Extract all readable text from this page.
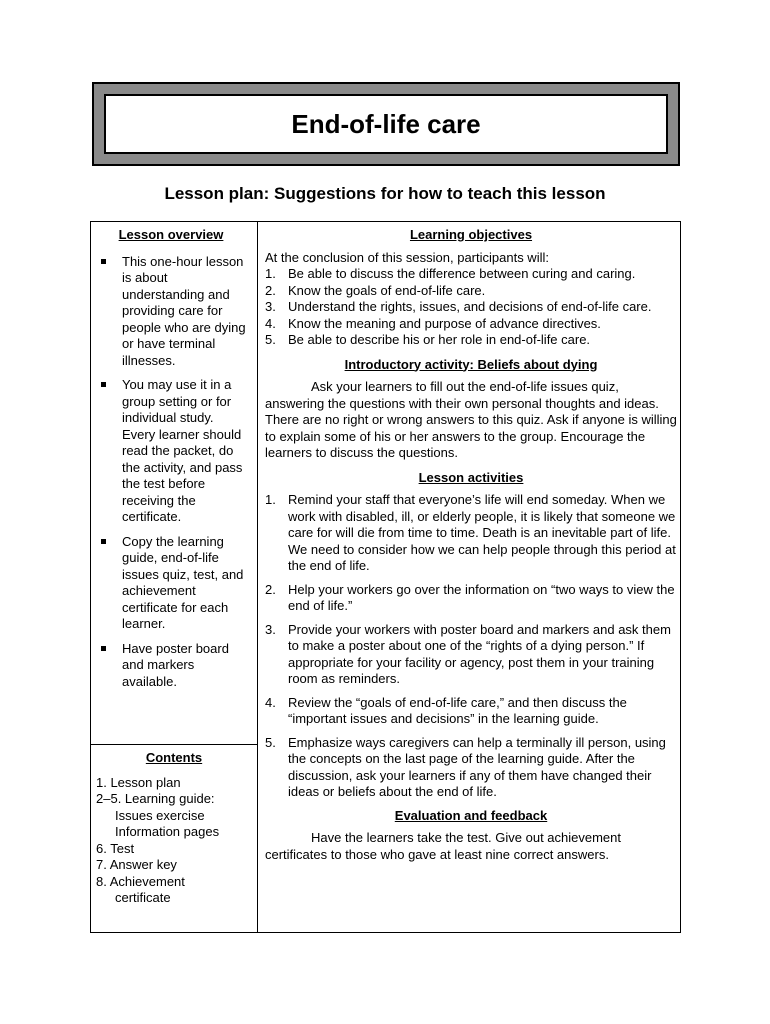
End-of-life care
Lesson plan: Suggestions for how to teach this lesson

Lesson overview

This one-hour lesson is about understanding and providing care for people who are dying or have terminal illnesses.
You may use it in a group setting or for individual study. Every learner should read the packet, do the activity, and pass the test before receiving the certificate.
Copy the learning guide, end-of-life issues quiz, test, and achievement certificate for each learner.
Have poster board and markers available.

Contents

1. Lesson plan
2–5. Learning guide:
Issues exercise
Information pages
6. Test
7. Answer key
8. Achievement
certificate

Learning objectives

At the conclusion of this session, participants will:

1. Be able to discuss the difference between curing and caring.
2. Know the goals of end-of-life care.
3. Understand the rights, issues, and decisions of end-of-life care.
4. Know the meaning and purpose of advance directives.
5. Be able to describe his or her role in end-of-life care.

Introductory activity: Beliefs about dying

Ask your learners to fill out the end-of-life issues quiz, answering the questions with their own personal thoughts and ideas. There are no right or wrong answers to this quiz. Ask if anyone is willing to explain some of his or her answers to the group. Encourage the learners to discuss the questions.

Lesson activities

1. Remind your staff that everyone’s life will end someday. When we work with disabled, ill, or elderly people, it is likely that someone we care for will die from time to time. Death is an inevitable part of life. We need to consider how we can help people through this period at the end of life.
2. Help your workers go over the information on “two ways to view the end of life.”
3. Provide your workers with poster board and markers and ask them to make a poster about one of the “rights of a dying person.” If appropriate for your facility or agency, post them in your training room as reminders.
4. Review the “goals of end-of-life care,” and then discuss the “important issues and decisions” in the learning guide.
5. Emphasize ways caregivers can help a terminally ill person, using the concepts on the last page of the learning guide. After the discussion, ask your learners if any of them have changed their ideas or beliefs about the end of life.

Evaluation and feedback

Have the learners take the test. Give out achievement certificates to those who gave at least nine correct answers.
